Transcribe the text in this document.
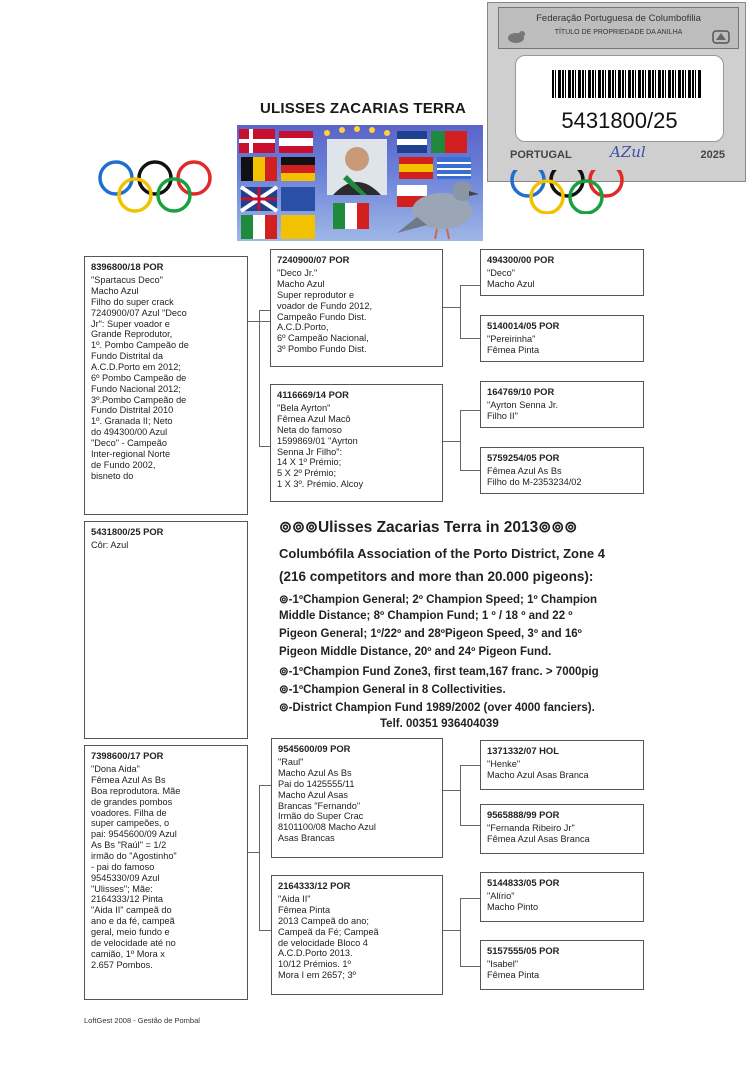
Federação Portuguesa de Columbofilia
TÍTULO DE PROPRIEDADE DA ANILHA
5431800/25
PORTUGAL	AZul	2025
ULISSES ZACARIAS TERRA
8396800/18 POR
"Spartacus Deco"
Macho Azul
Filho do super crack
7240900/07 Azul "Deco
Jr": Super voador e
Grande Reprodutor,
1º. Pombo Campeão de
Fundo Distrital da
A.C.D.Porto em 2012;
6º Pombo Campeão de
Fundo Nacional 2012;
3º.Pombo Campeão de
Fundo Distrital 2010
1º. Granada II; Neto
do 494300/00 Azul
"Deco" - Campeão
Inter-regional Norte
de Fundo 2002,
bisneto do
7240900/07 POR
"Deco Jr."
Macho Azul
Super reprodutor e
voador de Fundo 2012,
Campeão Fundo Dist.
A.C.D.Porto,
6º Campeão Nacional,
3º Pombo Fundo Dist.
4116669/14 POR
"Bela Ayrton"
Fêmea Azul Macô
Neta do famoso
1599869/01 "Ayrton
Senna Jr Filho":
14 X 1º Prémio;
5 X 2º Prémio;
1 X 3º. Prémio. Alcoy
494300/00 POR
"Deco"
Macho Azul
5140014/05 POR
"Pereirinha"
Fêmea Pinta
164769/10 POR
"Ayrton Senna Jr.
Filho II"
5759254/05 POR
Fêmea Azul As Bs
Filho do M-2353234/02
5431800/25 POR
Côr: Azul
7398600/17 POR
"Dona Aida"
Fêmea Azul As Bs
Boa reprodutora. Mãe
de grandes pombos
voadores. Filha de
super campeões, o
pai: 9545600/09 Azul
As Bs "Raúl" = 1/2
irmão do "Agostinho"
- pai do famoso
9545330/09 Azul
"Ulisses"; Mãe:
2164333/12 Pinta
"Aida II" campeã do
ano e da fé, campeã
geral, meio fundo e
de velocidade até no
camião, 1º Mora x
2.657 Pombos.
9545600/09 POR
"Raul"
Macho Azul As Bs
Pai do 1425555/11
Macho Azul Asas
Brancas "Fernando"
Irmão do Super Crac
8101100/08 Macho Azul
Asas Brancas
2164333/12 POR
"Aida II"
Fêmea Pinta
2013 Campeã do ano;
Campeã da Fé; Campeã
de velocidade Bloco 4
A.C.D.Porto 2013.
10/12 Prémios. 1º
Mora I em 2657; 3º
1371332/07 HOL
"Henke"
Macho Azul Asas Branca
9565888/99 POR
"Fernanda Ribeiro Jr"
Fêmea Azul Asas Branca
5144833/05 POR
"Alírio"
Macho Pinto
5157555/05 POR
"Isabel"
Fêmea Pinta
⊚⊚⊚Ulisses Zacarias Terra in 2013⊚⊚⊚
Columbófila Association of the Porto District, Zone 4
(216 competitors and more than 20.000 pigeons):
⊚-1ºChampion General; 2º Champion Speed; 1º Champion
Middle Distance; 8º Champion Fund; 1 º / 18 º and 22 º
Pigeon General; 1º/22º and 28ºPigeon Speed, 3º and 16º
Pigeon Middle Distance, 20º and 24º Pigeon Fund.
⊚-1ºChampion Fund Zone3, first team,167 franc. > 7000pig
⊚-1ºChampion General in 8 Collectivities.
⊚-District Champion Fund 1989/2002 (over 4000 fanciers).
Telf. 00351 936404039
LoftGest 2008 - Gestão de Pombal
